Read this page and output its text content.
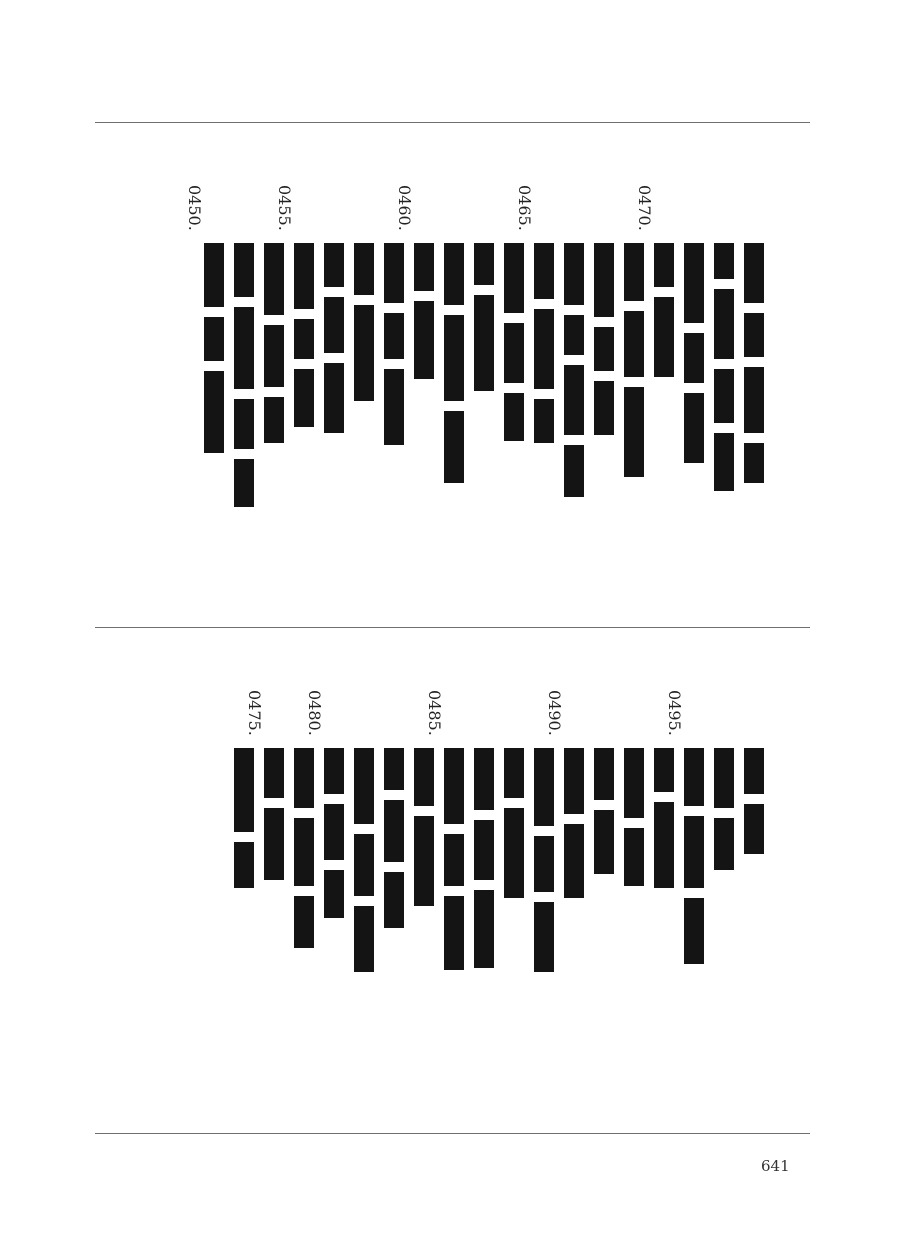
0470.
0465.
0460.
0455.
0450.
0495.
0490.
0485.
0480.
0475.
641
